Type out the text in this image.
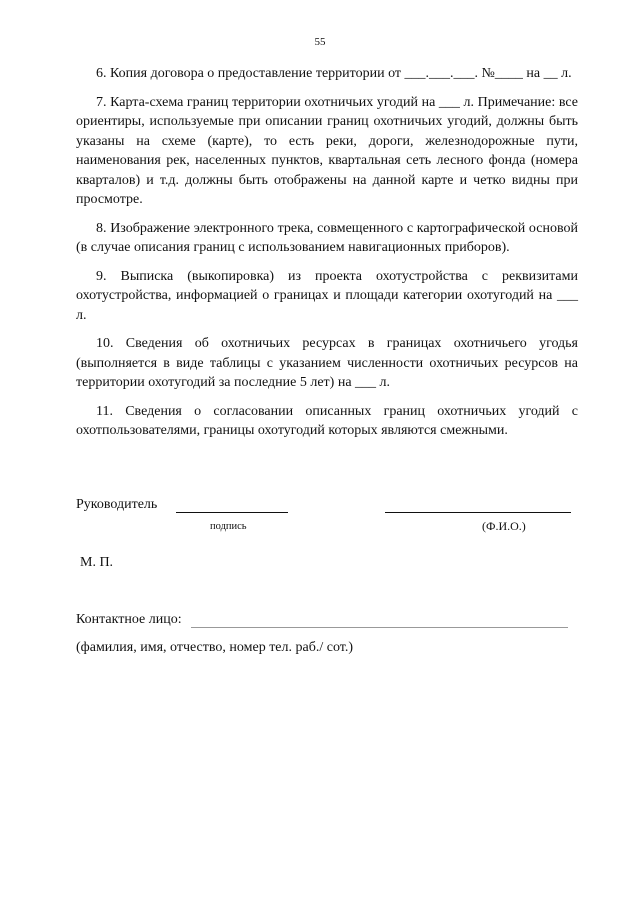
55

6. Копия договора о предоставление территории от ___.___.___. №____ на __ л.

7. Карта-схема границ территории охотничьих угодий на ___ л. Примечание: все ориентиры, используемые при описании границ охотничьих угодий, должны быть указаны на схеме (карте), то есть реки, дороги, железнодорожные пути, наименования рек, населенных пунктов, квартальная сеть лесного фонда (номера кварталов) и т.д. должны быть отображены на данной карте и четко видны при просмотре.

8. Изображение электронного трека, совмещенного с картографической основой (в случае описания границ с использованием навигационных приборов).

9. Выписка (выкопировка) из проекта охотустройства с реквизитами охотустройства, информацией о границах и площади категории охотугодий на ___ л.

10. Сведения об охотничьих ресурсах в границах охотничьего угодья (выполняется в виде таблицы с указанием численности охотничьих ресурсов на территории охотугодий за последние 5 лет) на ___ л.

11. Сведения о согласовании описанных границ охотничьих угодий с охотпользователями, границы охотугодий которых являются смежными.

Руководитель
подпись	(Ф.И.О.)
М. П.
Контактное лицо:
(фамилия, имя, отчество, номер тел. раб./ сот.)
